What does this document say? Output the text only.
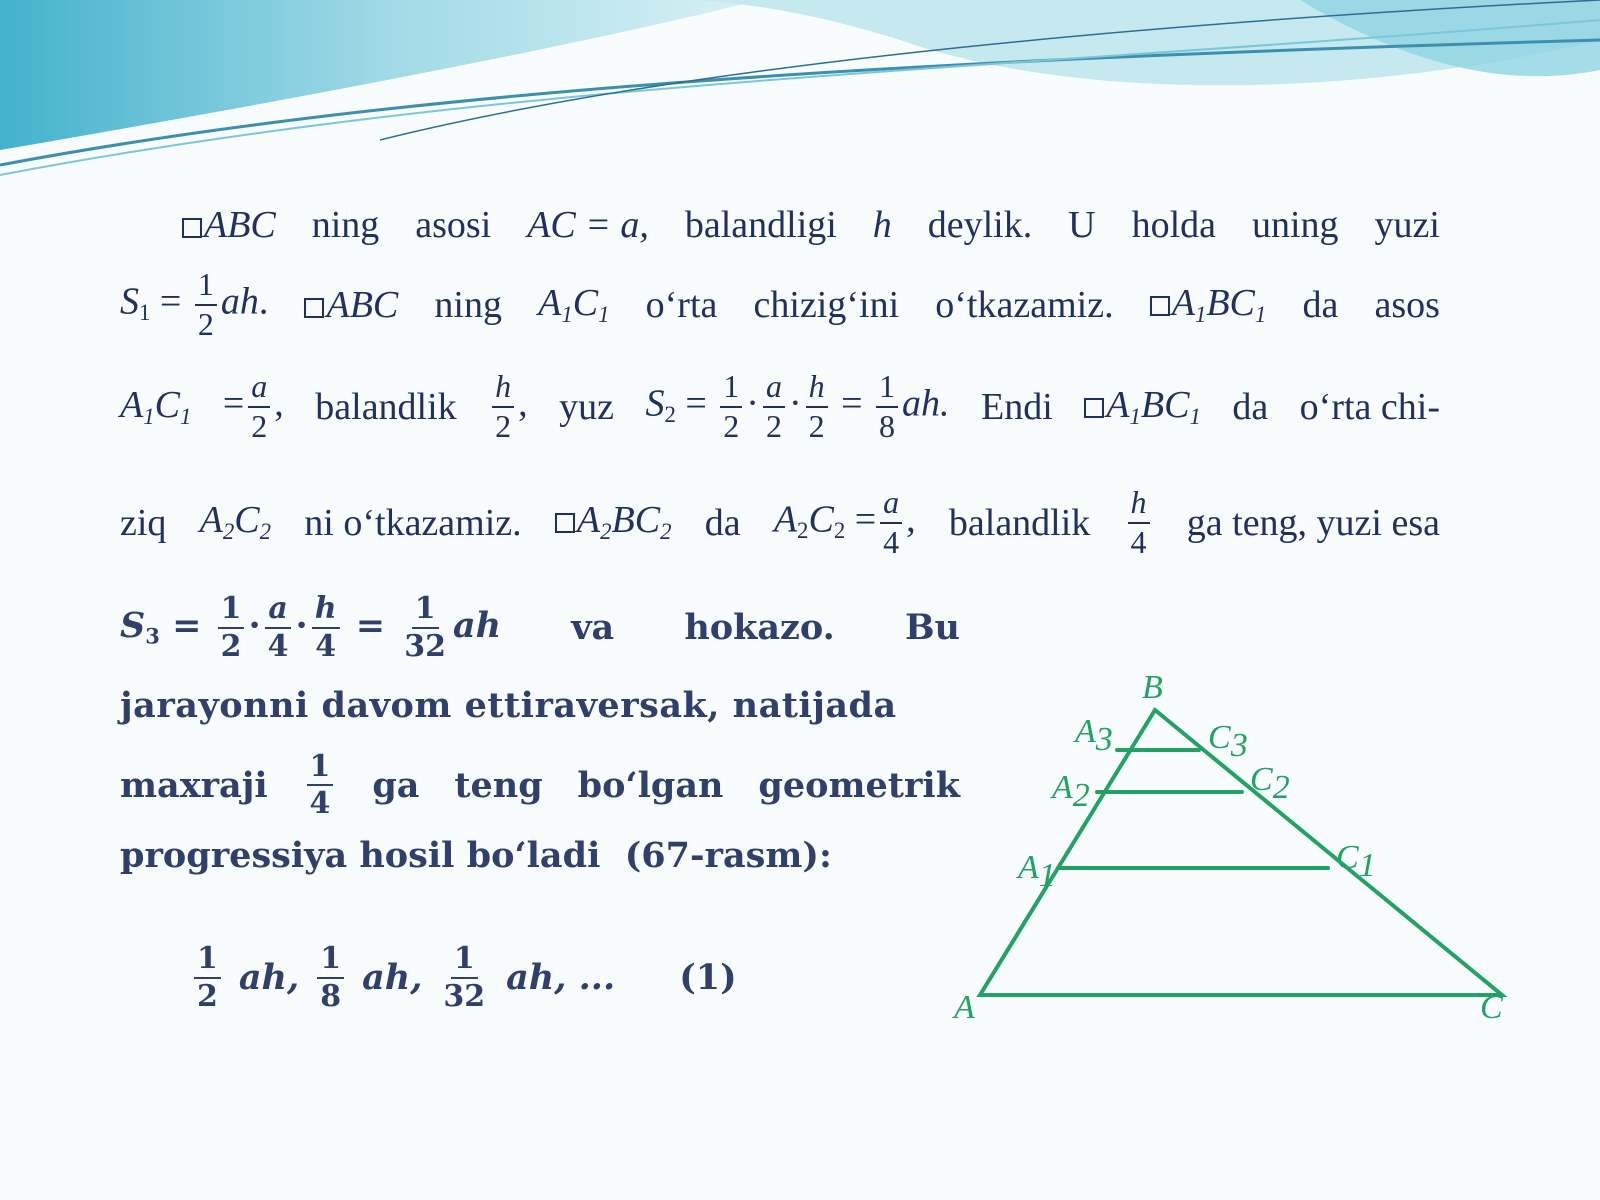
ABC ning asosi AC = a, balandligi h deylik. U holda uning yuzi
$S_1 = \frac{1}{2}$ ah.	ABC ning $A_1C_1$ o‘rta chizig‘ini o‘tkazamiz.	$A_1BC_1$ da asos
$A_1C_1 = \frac{a}{2}$ , balandlik $\frac{h}{2}$ , yuz $S_2 = \frac{1}{2} \cdot \frac{a}{2} \cdot \frac{h}{2} = \frac{1}{8}$ ah. Endi	$A_1BC_1$ da o‘rta chi-
ziq $A_2C_2$ ni o‘tkazamiz.	$A_2BC_2$ da $A_2C_2 = \frac{a}{4}$ , balandlik $\frac{h}{4}$ ga teng, yuzi esa
$S_3 = \frac{1}{2} \cdot \frac{a}{4} \cdot \frac{h}{4} = \frac{1}{32}$ ah va hokazo. Bu
jarayonni davom ettiraversak, natijada
maxraji $\frac{1}{4}$ ga teng bo‘lgan geometrik
progressiya hosil bo‘ladi  (67-rasm):
$\frac{1}{2}$ ah, $\frac{1}{8}$ ah, $\frac{1}{32}$ ah, ... (1)
B
A	C
A1
A2
A3
C1
C2
C3
